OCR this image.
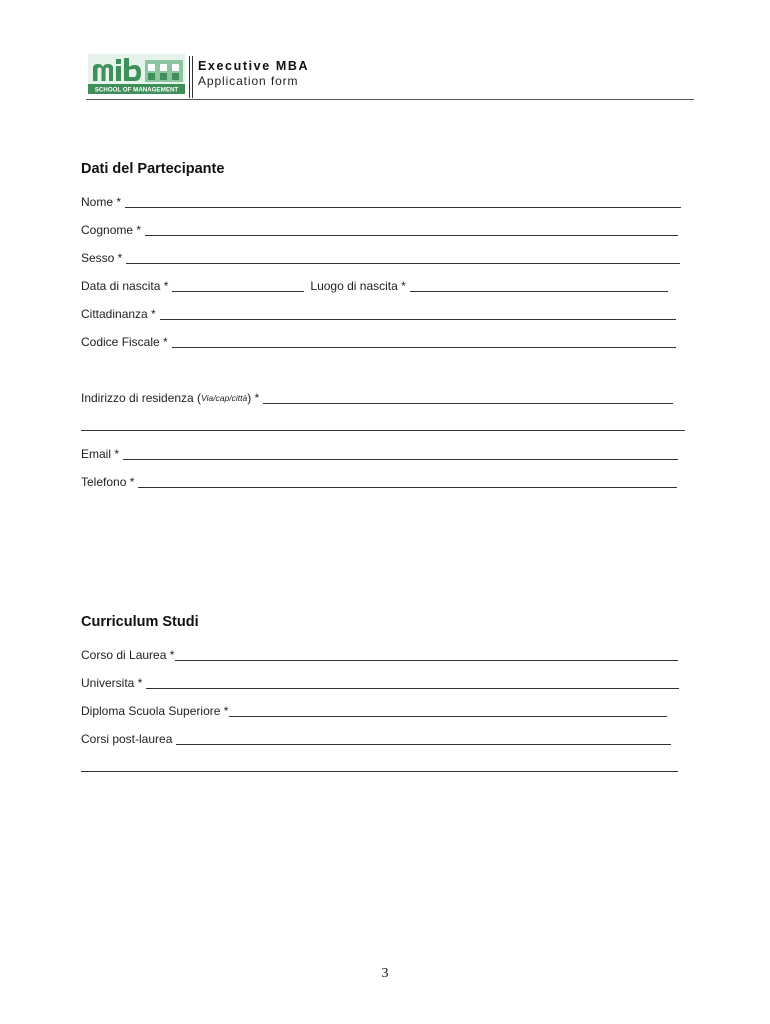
SCHOOL OF MANAGEMENT
Executive MBA
Application form
Dati del Partecipante
Nome *
Cognome *
Sesso *
Data di nascita *	Luogo di nascita *
Cittadinanza *
Codice Fiscale *
Indirizzo di residenza ( Via/cap/città ) *
Email *
Telefono *
Curriculum Studi
Corso di Laurea *
Universita *
Diploma Scuola Superiore *
Corsi post-laurea
3
